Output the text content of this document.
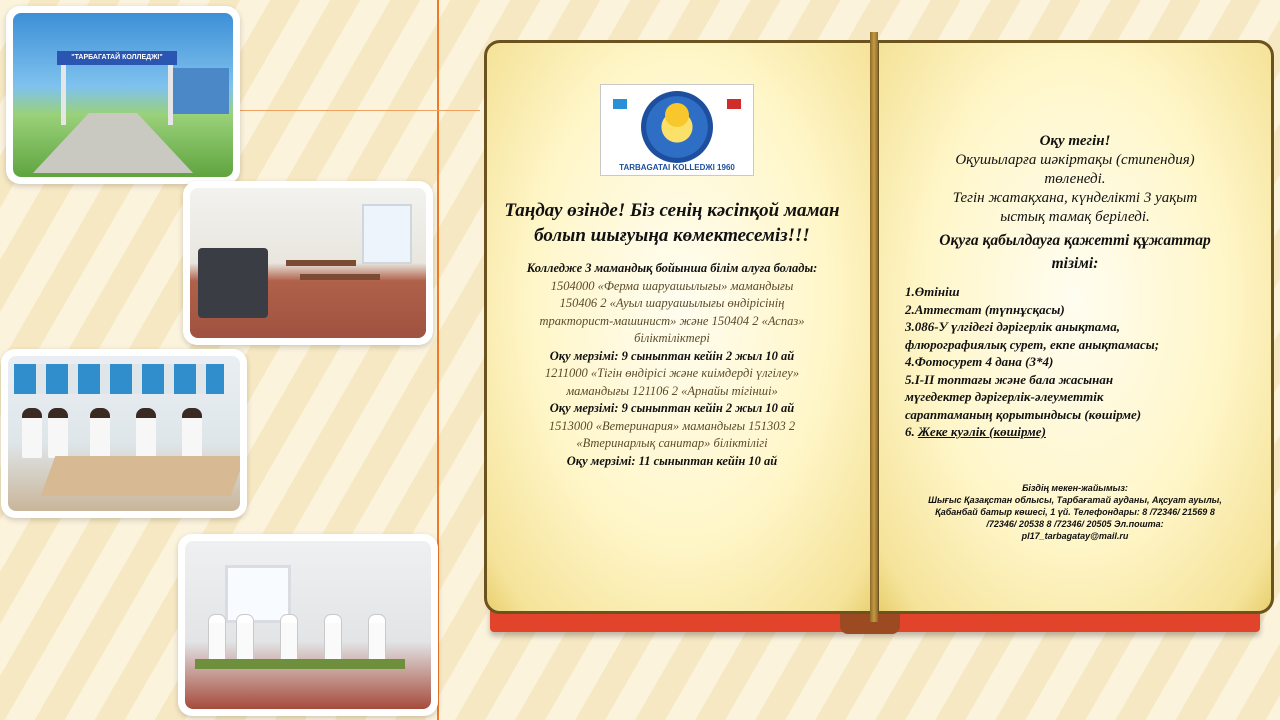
"ТАРБАГАТАЙ КОЛЛЕДЖІ"
TARBAGATAI KOLLEDЖI 1960
Таңдау өзінде! Біз сенің кәсіпқой маман болып шығуыңа көмектесеміз!!!
Колледже 3 мамандық бойынша білім алуға болады:
1504000 «Ферма шаруашылығы» мамандығы
150406 2 «Ауыл шаруашылығы өндірісінің
тракторист-машинист» және 150404 2 «Аспаз»
біліктіліктері
Оқу мерзімі: 9 сыныптан кейін 2 жыл 10 ай
1211000 «Тігін өндірісі және киімдерді үлгілеу»
мамандығы 121106 2 «Арнайы тігінші»
Оқу мерзімі: 9 сыныптан кейін 2 жыл 10 ай
1513000 «Ветеринария» мамандығы 151303 2
«Втеринарлық санитар» біліктілігі
Оқу мерзімі: 11 сыныптан кейін 10 ай
Оқу тегін!
Оқушыларға шәкіртақы (стипендия)
төленеді.
Тегін жатақхана, күнделікті 3 уақыт
ыстық тамақ беріледі.
Оқуға қабылдауға қажетті құжаттар
тізімі:
1.Өтініш
2.Аттестат (түпнұсқасы)
3.086-У үлгідегі дәрігерлік анықтама,
флюрографиялық сурет, екпе анықтамасы;
4.Фотосурет 4 дана (3*4)
5.I-II топтағы және бала жасынан
мүгедектер дәрігерлік-әлеуметтік
сараптаманың қорытындысы (көшірме)
6. Жеке куәлік (көшірме)
Біздің мекен-жайымыз:
Шығыс Қазақстан облысы, Тарбағатай ауданы, Ақсуат ауылы,
Қабанбай батыр көшесі, 1 үй. Телефондары: 8 /72346/ 21569 8
/72346/ 20538 8 /72346/ 20505 Эл.пошта:
pl17_tarbagatay@mail.ru
